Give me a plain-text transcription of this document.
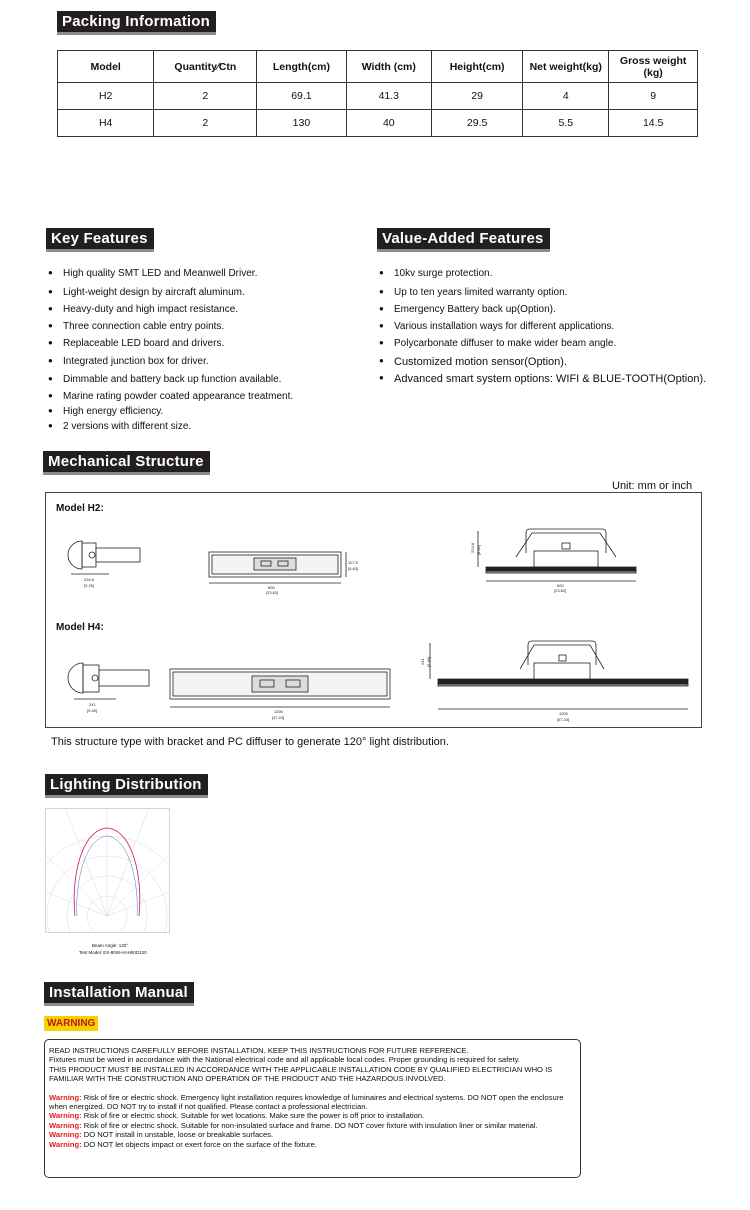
Packing Information
Model	Quantity∕Ctn	Length(cm)	Width (cm)	Height(cm)	Net weight(kg)	Gross weight (kg)
H2	2	69.1	41.3	29	4	9
H4	2	130	40	29.5	5.5	14.5
Key Features
● High quality SMT LED and Meanwell Driver.
● Light-weight design by aircraft aluminum.
● Heavy-duty and high impact resistance.
● Three connection cable entry points.
● Replaceable LED board and drivers.
● Integrated junction box for driver.
● Dimmable and battery back up function available.
● Marine rating powder coated appearance treatment.
● High energy efficiency.
● 2 versions with different size.
Value-Added Features
● 10kv surge protection.
● Up to ten years limited warranty option.
● Emergency Battery back up(Option).
● Various installation ways for different applications.
● Polycarbonate diffuser to make wider beam angle.
● Customized motion sensor(Option).
● Advanced smart system options: WIFI & BLUE-TOOTH(Option).
Mechanical Structure
Unit: mm or inch
Model H2:
Model H4:
234.8
[9.25]	600
[23.62]
117.5
[4.63]
600
[23.62]
224.8 [8.85]
241
[9.49]	1200
[47.24]
1200
[47.24]
241 [9.49]
This structure type with bracket and PC diffuser to generate 120° light distribution.
Lighting Distribution
Beam Angle: 120°
Test Model: EX-80W-HAH50D120
Installation Manual
WARNING

READ INSTRUCTIONS CAREFULLY BEFORE INSTALLATION. KEEP THIS INSTRUCTIONS FOR FUTURE REFERENCE.

Fixtures must be wired in accordance with the National electrical code and all applicable local codes. Proper grounding is required for safety.

THIS PRODUCT MUST BE INSTALLED IN ACCORDANCE WITH THE APPLICABLE INSTALLATION CODE BY QUALIFIED ELECTRICIAN WHO IS FAMILIAR WITH THE CONSTRUCTION AND OPERATION OF THE PRODUCT AND THE HAZARDOUS INVOLVED.

Warning: Risk of fire or electric shock. Emergency light installation requires knowledge of luminaires and electrical systems. DO NOT open the enclosure when energized. DO NOT try to install if not qualified. Please contact a professional electrician.

Warning: Risk of fire or electric shock. Suitable for wet locations. Make sure the power is off prior to installation.

Warning: Risk of fire or electric shock. Suitable for non-insulated surface and frame. DO NOT cover fixture with insulation liner or similar material.

Warning: DO NOT install in unstable, loose or breakable surfaces.

Warning: DO NOT let objects impact or exert force on the surface of the fixture.
